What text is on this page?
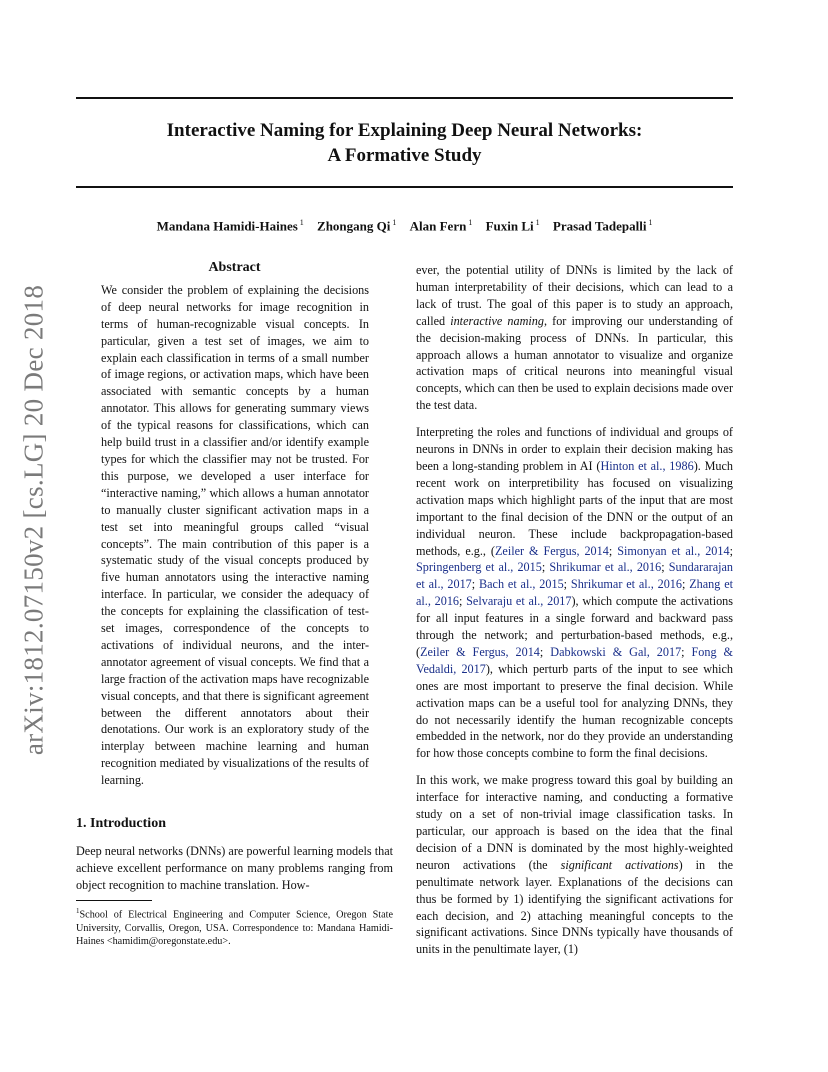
arXiv:1812.07150v2 [cs.LG] 20 Dec 2018
Interactive Naming for Explaining Deep Neural Networks:
A Formative Study
Mandana Hamidi-Haines $^1$ Zhongang Qi $^1$ Alan Fern $^1$ Fuxin Li $^1$ Prasad Tadepalli $^1$
Abstract

We consider the problem of explaining the decisions of deep neural networks for image recognition in terms of human-recognizable visual concepts. In particular, given a test set of images, we aim to explain each classification in terms of a small number of image regions, or activation maps, which have been associated with semantic concepts by a human annotator. This allows for generating summary views of the typical reasons for classifications, which can help build trust in a classifier and/or identify example types for which the classifier may not be trusted. For this purpose, we developed a user interface for “interactive naming,” which allows a human annotator to manually cluster significant activation maps in a test set into meaningful groups called “visual concepts”. The main contribution of this paper is a systematic study of the visual concepts produced by five human annotators using the interactive naming interface. In particular, we consider the adequacy of the concepts for explaining the classification of test-set images, correspondence of the concepts to activations of individual neurons, and the inter-annotator agreement of visual concepts. We find that a large fraction of the activation maps have recognizable visual concepts, and that there is significant agreement between the different annotators about their denotations. Our work is an exploratory study of the interplay between machine learning and human recognition mediated by visualizations of the results of learning.

1. Introduction

Deep neural networks (DNNs) are powerful learning models that achieve excellent performance on many problems ranging from object recognition to machine translation. How-

$^1$School of Electrical Engineering and Computer Science, Oregon State University, Corvallis, Oregon, USA. Correspondence to: Mandana Hamidi-Haines <hamidim@oregonstate.edu>.

ever, the potential utility of DNNs is limited by the lack of human interpretability of their decisions, which can lead to a lack of trust. The goal of this paper is to study an approach, called interactive naming, for improving our understanding of the decision-making process of DNNs. In particular, this approach allows a human annotator to visualize and organize activation maps of critical neurons into meaningful visual concepts, which can then be used to explain decisions made over the test data.

Interpreting the roles and functions of individual and groups of neurons in DNNs in order to explain their decision making has been a long-standing problem in AI (Hinton et al., 1986). Much recent work on interpretibility has focused on visualizing activation maps which highlight parts of the input that are most important to the final decision of the DNN or the output of an individual neuron. These include backpropagation-based methods, e.g., (Zeiler & Fergus, 2014; Simonyan et al., 2014; Springenberg et al., 2015; Shrikumar et al., 2016; Sundararajan et al., 2017; Bach et al., 2015; Shrikumar et al., 2016; Zhang et al., 2016; Selvaraju et al., 2017), which compute the activations for all input features in a single forward and backward pass through the network; and perturbation-based methods, e.g., (Zeiler & Fergus, 2014; Dabkowski & Gal, 2017; Fong & Vedaldi, 2017), which perturb parts of the input to see which ones are most important to preserve the final decision. While activation maps can be a useful tool for analyzing DNNs, they do not necessarily identify the human recognizable concepts embedded in the network, nor do they provide an understanding for how those concepts combine to form the final decisions.

In this work, we make progress toward this goal by building an interface for interactive naming, and conducting a formative study on a set of non-trivial image classification tasks. In particular, our approach is based on the idea that the final decision of a DNN is dominated by the most highly-weighted neuron activations (the significant activations) in the penultimate network layer. Explanations of the decisions can thus be formed by 1) identifying the significant activations for each decision, and 2) attaching meaningful concepts to the significant activations. Since DNNs typically have thousands of units in the penultimate layer, (1)
